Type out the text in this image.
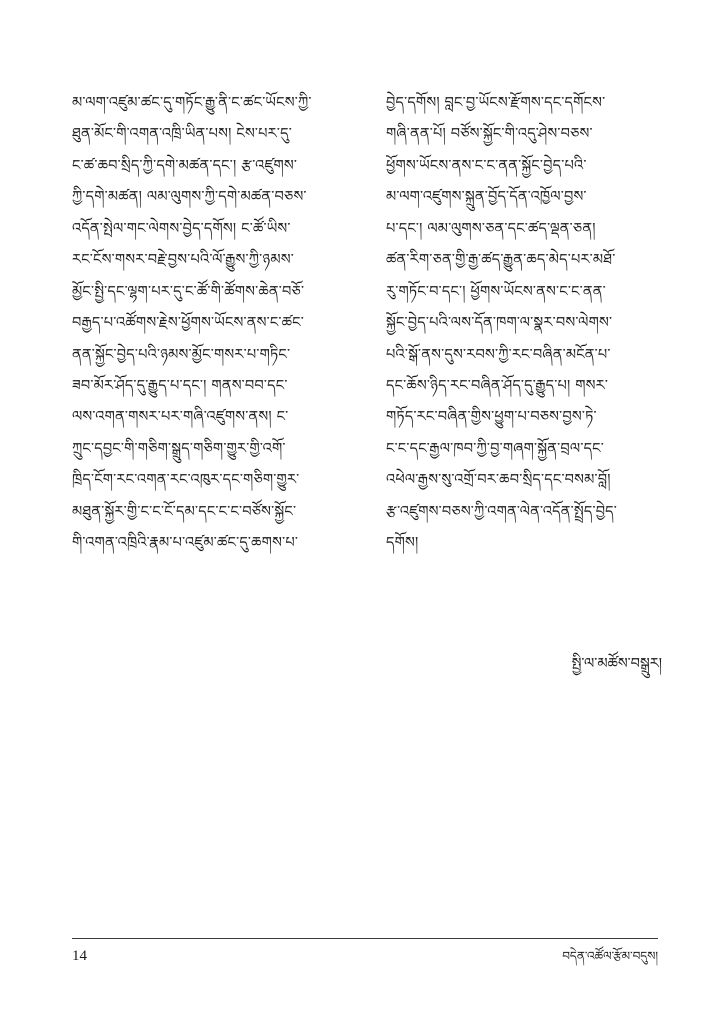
མ་ལག་འཛུམ་ཚང་དུ་གཏོང་རྒྱུ་ནི་ང་ཚང་ཡོངས་ཀྱི་
ཐུན་མོང་གི་འགན་འཁྲི་ཡིན་པས། ངེས་པར་དུ་
ང་ཚ་ཆབ་སྲིད་ཀྱི་དགེ་མཚན་དང་། རྩ་འཛུགས་
ཀྱི་དགེ་མཚན། ལམ་ལུགས་ཀྱི་དགེ་མཚན་བཅས་
འདོན་སྤེལ་གང་ལེགས་བྱེད་དགོས། ང་ཚོ་ཡིས་
རང་ངོས་གསར་བརྗེ་བྱས་པའི་ལོ་རྒྱུས་ཀྱི་ཉམས་
མྱོང་སྤྱི་དང་ལྷག་པར་དུ་ང་ཚོ་གི་ཚོགས་ཆེན་བཅོ་
བརྒྱད་པ་འཚོགས་རྗེས་ཕྱོགས་ཡོངས་ནས་ང་ཚང་
ནན་སྐྱོང་བྱེད་པའི་ཉམས་མྱོང་གསར་པ་གཏིང་
ཟབ་མོར་ཤོད་དུ་རྒྱུད་པ་དང་། གནས་བབ་དང་
ལས་འགན་གསར་པར་གཞི་འཛུགས་ནས། ང་
ཀྲུང་དབྱང་གི་གཅིག་སྒྲུད་གཅིག་གྱུར་གྱི་འགོ་
ཁྲིད་ངོག་རང་འགན་རང་འཁུར་དང་གཅིག་གྱུར་
མཐུན་སྐྱོར་གྱི་ང་ང་ངོ་དམ་དང་ང་ང་བཙོས་སྐྱོང་
གི་འགན་འཁྲིའི་རྣམ་པ་འཛུམ་ཚང་དུ་ཆགས་པ་
བྱེད་དགོས། བླང་བྱ་ཡོངས་རྫོགས་དང་དགོངས་
གཞི་ནན་པོ། བཙོས་སྐྱོང་གི་འདུ་ཤེས་བཅས་
ཕྱོགས་ཡོངས་ནས་ང་ང་ནན་སྐྱོང་བྱེད་པའི་
མ་ལག་འཛུགས་སྐྲུན་བྱོད་དོན་འཁྱོལ་བྱས་
པ་དང་། ལམ་ལུགས་ཅན་དང་ཚད་ལྡན་ཅན།
ཚན་རིག་ཅན་གྱི་རྒྱ་ཚད་རྒྱུན་ཆད་མེད་པར་མཐོ་
རུ་གཏོང་བ་དང་། ཕྱོགས་ཡོངས་ནས་ང་ང་ནན་
སྐྱོང་བྱེད་པའི་ལས་དོན་ཁག་ལ་སྣར་བས་ལེགས་
པའི་སྒོ་ནས་དུས་རབས་ཀྱི་རང་བཞིན་མངོན་པ་
དང་ཆོས་ཉིད་རང་བཞིན་ཤོད་དུ་རྒྱུད་པ། གསར་
གཏོད་རང་བཞིན་གྱིས་ཕྱུག་པ་བཅས་བྱས་ཏེ་
ང་ང་དང་རྒྱལ་ཁབ་ཀྱི་བྱ་གཞག་སྐྱོན་བྲལ་དང་
འཕེལ་རྒྱས་སུ་འགྲོ་བར་ཆབ་སྲིད་དང་བསམ་བློ།
རྩ་འཛུགས་བཅས་ཀྱི་འགན་ལེན་འདོན་སྤྲོད་བྱེད་
དགོས།
སྤྱི་ལ་མཚོས་བསྒྲུར།
14	བདེན་འཚོལ་རྩོམ་བདུས།
